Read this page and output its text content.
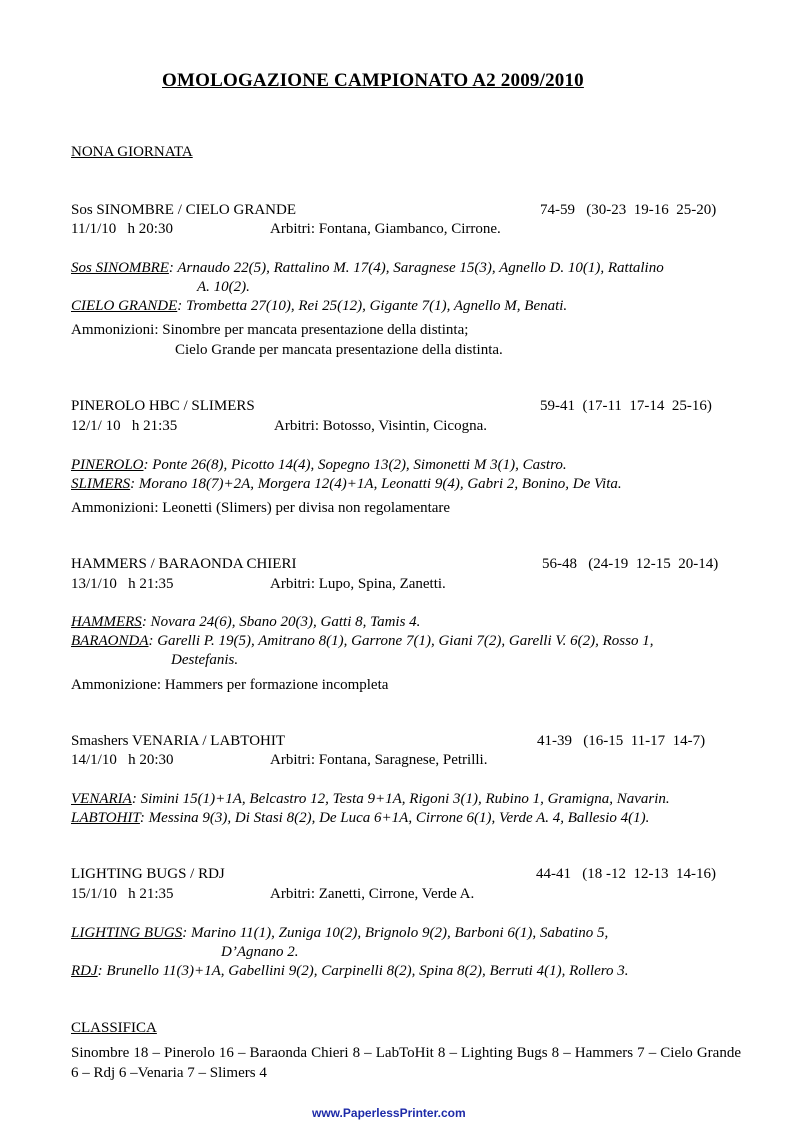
OMOLOGAZIONE CAMPIONATO A2 2009/2010
NONA GIORNATA
Sos SINOMBRE / CIELO GRANDE	74-59   (30-23  19-16  25-20)
11/1/10   h 20:30	Arbitri: Fontana, Giambanco, Cirrone.
Sos SINOMBRE: Arnaudo 22(5), Rattalino M. 17(4), Saragnese 15(3), Agnello D. 10(1), Rattalino
A. 10(2).
CIELO GRANDE: Trombetta 27(10), Rei 25(12), Gigante 7(1), Agnello M, Benati.
Ammonizioni: Sinombre per mancata presentazione della distinta;
Cielo Grande per mancata presentazione della distinta.
PINEROLO HBC / SLIMERS	59-41  (17-11  17-14  25-16)
12/1/ 10   h 21:35	Arbitri: Botosso, Visintin, Cicogna.
PINEROLO: Ponte 26(8), Picotto 14(4), Sopegno 13(2), Simonetti M 3(1), Castro.
SLIMERS: Morano 18(7)+2A, Morgera 12(4)+1A, Leonatti 9(4), Gabri 2, Bonino, De Vita.
Ammonizioni: Leonetti (Slimers) per divisa non regolamentare
HAMMERS / BARAONDA CHIERI	56-48   (24-19  12-15  20-14)
13/1/10   h 21:35	Arbitri: Lupo, Spina, Zanetti.
HAMMERS: Novara 24(6), Sbano 20(3), Gatti 8, Tamis 4.
BARAONDA: Garelli P. 19(5), Amitrano 8(1), Garrone 7(1), Giani 7(2), Garelli V. 6(2), Rosso 1,
Destefanis.
Ammonizione: Hammers per formazione incompleta
Smashers VENARIA / LABTOHIT	41-39   (16-15  11-17  14-7)
14/1/10   h 20:30	Arbitri: Fontana, Saragnese, Petrilli.
VENARIA: Simini 15(1)+1A, Belcastro 12, Testa 9+1A, Rigoni 3(1), Rubino 1, Gramigna, Navarin.
LABTOHIT: Messina 9(3), Di Stasi 8(2), De Luca 6+1A, Cirrone 6(1), Verde A. 4, Ballesio 4(1).
LIGHTING BUGS / RDJ	44-41   (18 -12  12-13  14-16)
15/1/10   h 21:35	Arbitri: Zanetti, Cirrone, Verde A.
LIGHTING BUGS: Marino 11(1), Zuniga 10(2), Brignolo 9(2), Barboni 6(1), Sabatino 5,
D’Agnano 2.
RDJ: Brunello 11(3)+1A, Gabellini 9(2), Carpinelli 8(2), Spina 8(2), Berruti 4(1), Rollero 3.
CLASSIFICA
Sinombre 18 – Pinerolo 16 – Baraonda Chieri 8 – LabToHit 8 – Lighting Bugs 8 – Hammers 7 – Cielo Grande 6 – Rdj 6 –Venaria 7 – Slimers 4
www.PaperlessPrinter.com
